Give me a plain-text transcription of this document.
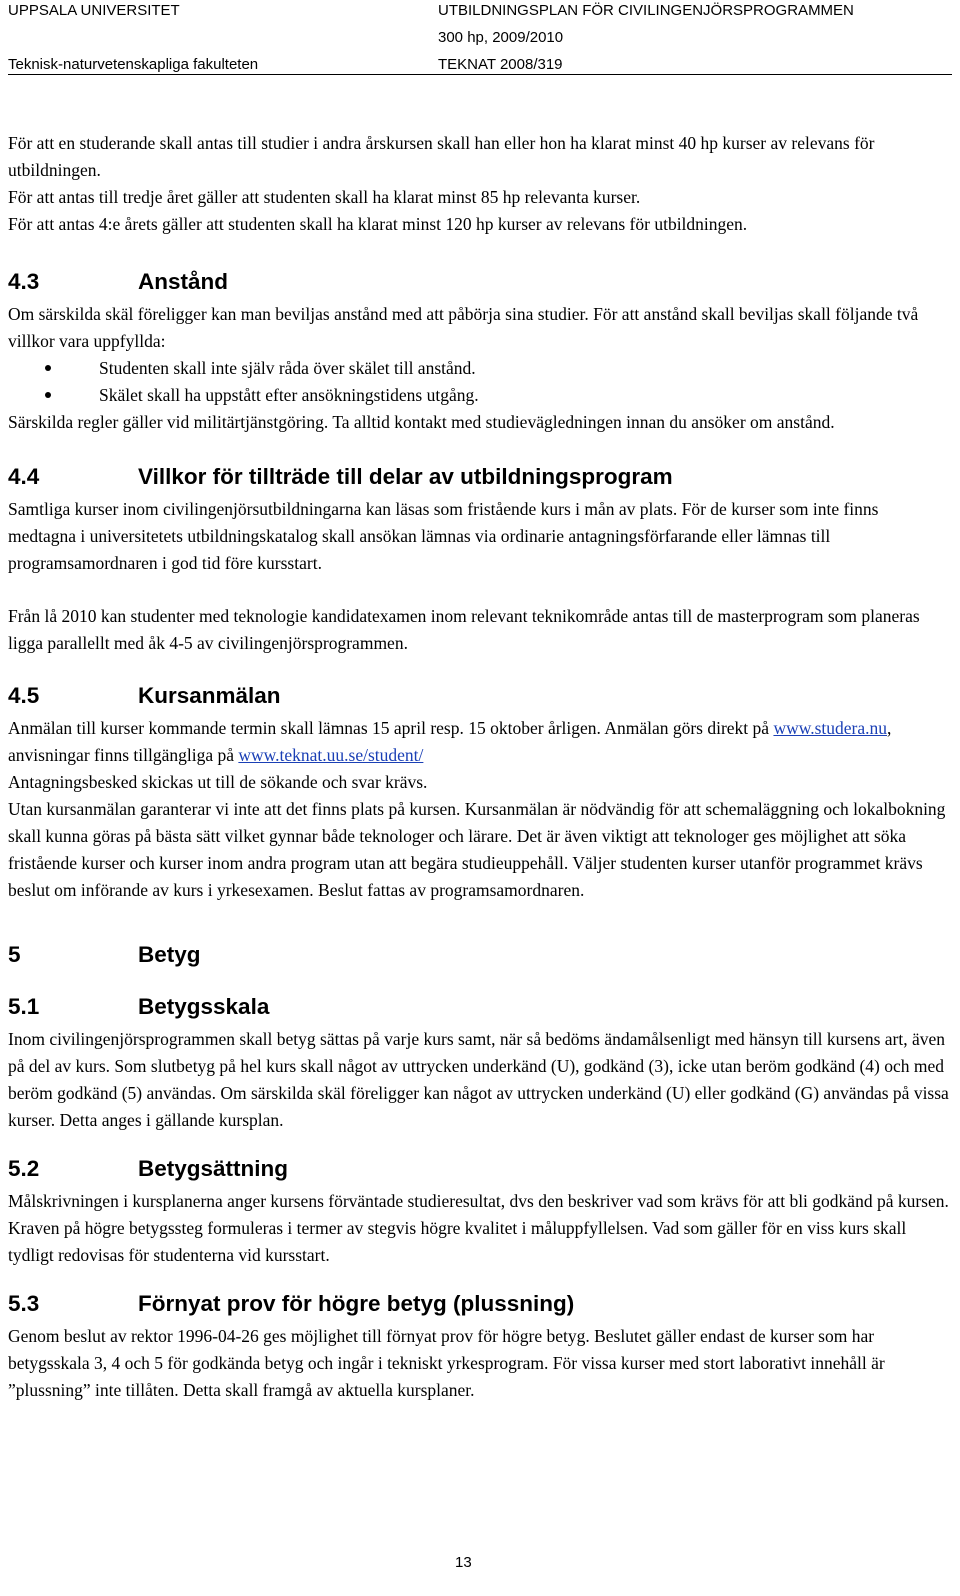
UPPSALA UNIVERSITET
Teknisk-naturvetenskapliga fakulteten
UTBILDNINGSPLAN FÖR CIVILINGENJÖRSPROGRAMMEN
300 hp, 2009/2010
TEKNAT 2008/319

För att en studerande skall antas till studier i andra årskursen skall han eller hon ha klarat minst 40 hp kurser av relevans för utbildningen.

För att antas till tredje året gäller att studenten skall ha klarat minst 85 hp relevanta kurser.

För att antas 4:e årets gäller att studenten skall ha klarat minst 120 hp kurser av relevans för utbildningen.

4.3	Anstånd

Om särskilda skäl föreligger kan man beviljas anstånd med att påbörja sina studier. För att anstånd skall beviljas skall följande två villkor vara uppfyllda:

Studenten skall inte själv råda över skälet till anstånd.
Skälet skall ha uppstått efter ansökningstidens utgång.

Särskilda regler gäller vid militärtjänstgöring. Ta alltid kontakt med studievägledningen innan du ansöker om anstånd.

4.4	Villkor för tillträde till delar av utbildningsprogram

Samtliga kurser inom civilingenjörsutbildningarna kan läsas som fristående kurs i mån av plats. För de kurser som inte finns medtagna i universitetets utbildningskatalog skall ansökan lämnas via ordinarie antagningsförfarande eller lämnas till programsamordnaren i god tid före kursstart.

Från lå 2010 kan studenter med teknologie kandidatexamen inom relevant teknikområde antas till de masterprogram som planeras ligga parallellt med åk 4-5 av civilingenjörsprogrammen.

4.5	Kursanmälan

Anmälan till kurser kommande termin skall lämnas 15 april resp. 15 oktober årligen. Anmälan görs direkt på www.studera.nu, anvisningar finns tillgängliga på www.teknat.uu.se/student/

Antagningsbesked skickas ut till de sökande och svar krävs.

Utan kursanmälan garanterar vi inte att det finns plats på kursen. Kursanmälan är nödvändig för att schemaläggning och lokalbokning skall kunna göras på bästa sätt vilket gynnar både teknologer och lärare. Det är även viktigt att teknologer ges möjlighet att söka fristående kurser och kurser inom andra program utan att begära studieuppehåll. Väljer studenten kurser utanför programmet krävs beslut om införande av kurs i yrkesexamen. Beslut fattas av programsamordnaren.

5	Betyg
5.1	Betygsskala

Inom civilingenjörsprogrammen skall betyg sättas på varje kurs samt, när så bedöms ändamålsenligt med hänsyn till kursens art, även på del av kurs. Som slutbetyg på hel kurs skall något av uttrycken underkänd (U), godkänd (3), icke utan beröm godkänd (4) och med beröm godkänd (5) användas. Om särskilda skäl föreligger kan något av uttrycken underkänd (U) eller godkänd (G) användas på vissa kurser. Detta anges i gällande kursplan.

5.2	Betygsättning

Målskrivningen i kursplanerna anger kursens förväntade studieresultat, dvs den beskriver vad som krävs för att bli godkänd på kursen. Kraven på högre betygssteg formuleras i termer av stegvis högre kvalitet i måluppfyllelsen. Vad som gäller för en viss kurs skall tydligt redovisas för studenterna vid kursstart.

5.3	Förnyat prov för högre betyg (plussning)

Genom beslut av rektor 1996-04-26 ges möjlighet till förnyat prov för högre betyg. Beslutet gäller endast de kurser som har betygsskala 3, 4 och 5 för godkända betyg och ingår i tekniskt yrkesprogram. För vissa kurser med stort laborativt innehåll är ”plussning” inte tillåten. Detta skall framgå av aktuella kursplaner.

13
